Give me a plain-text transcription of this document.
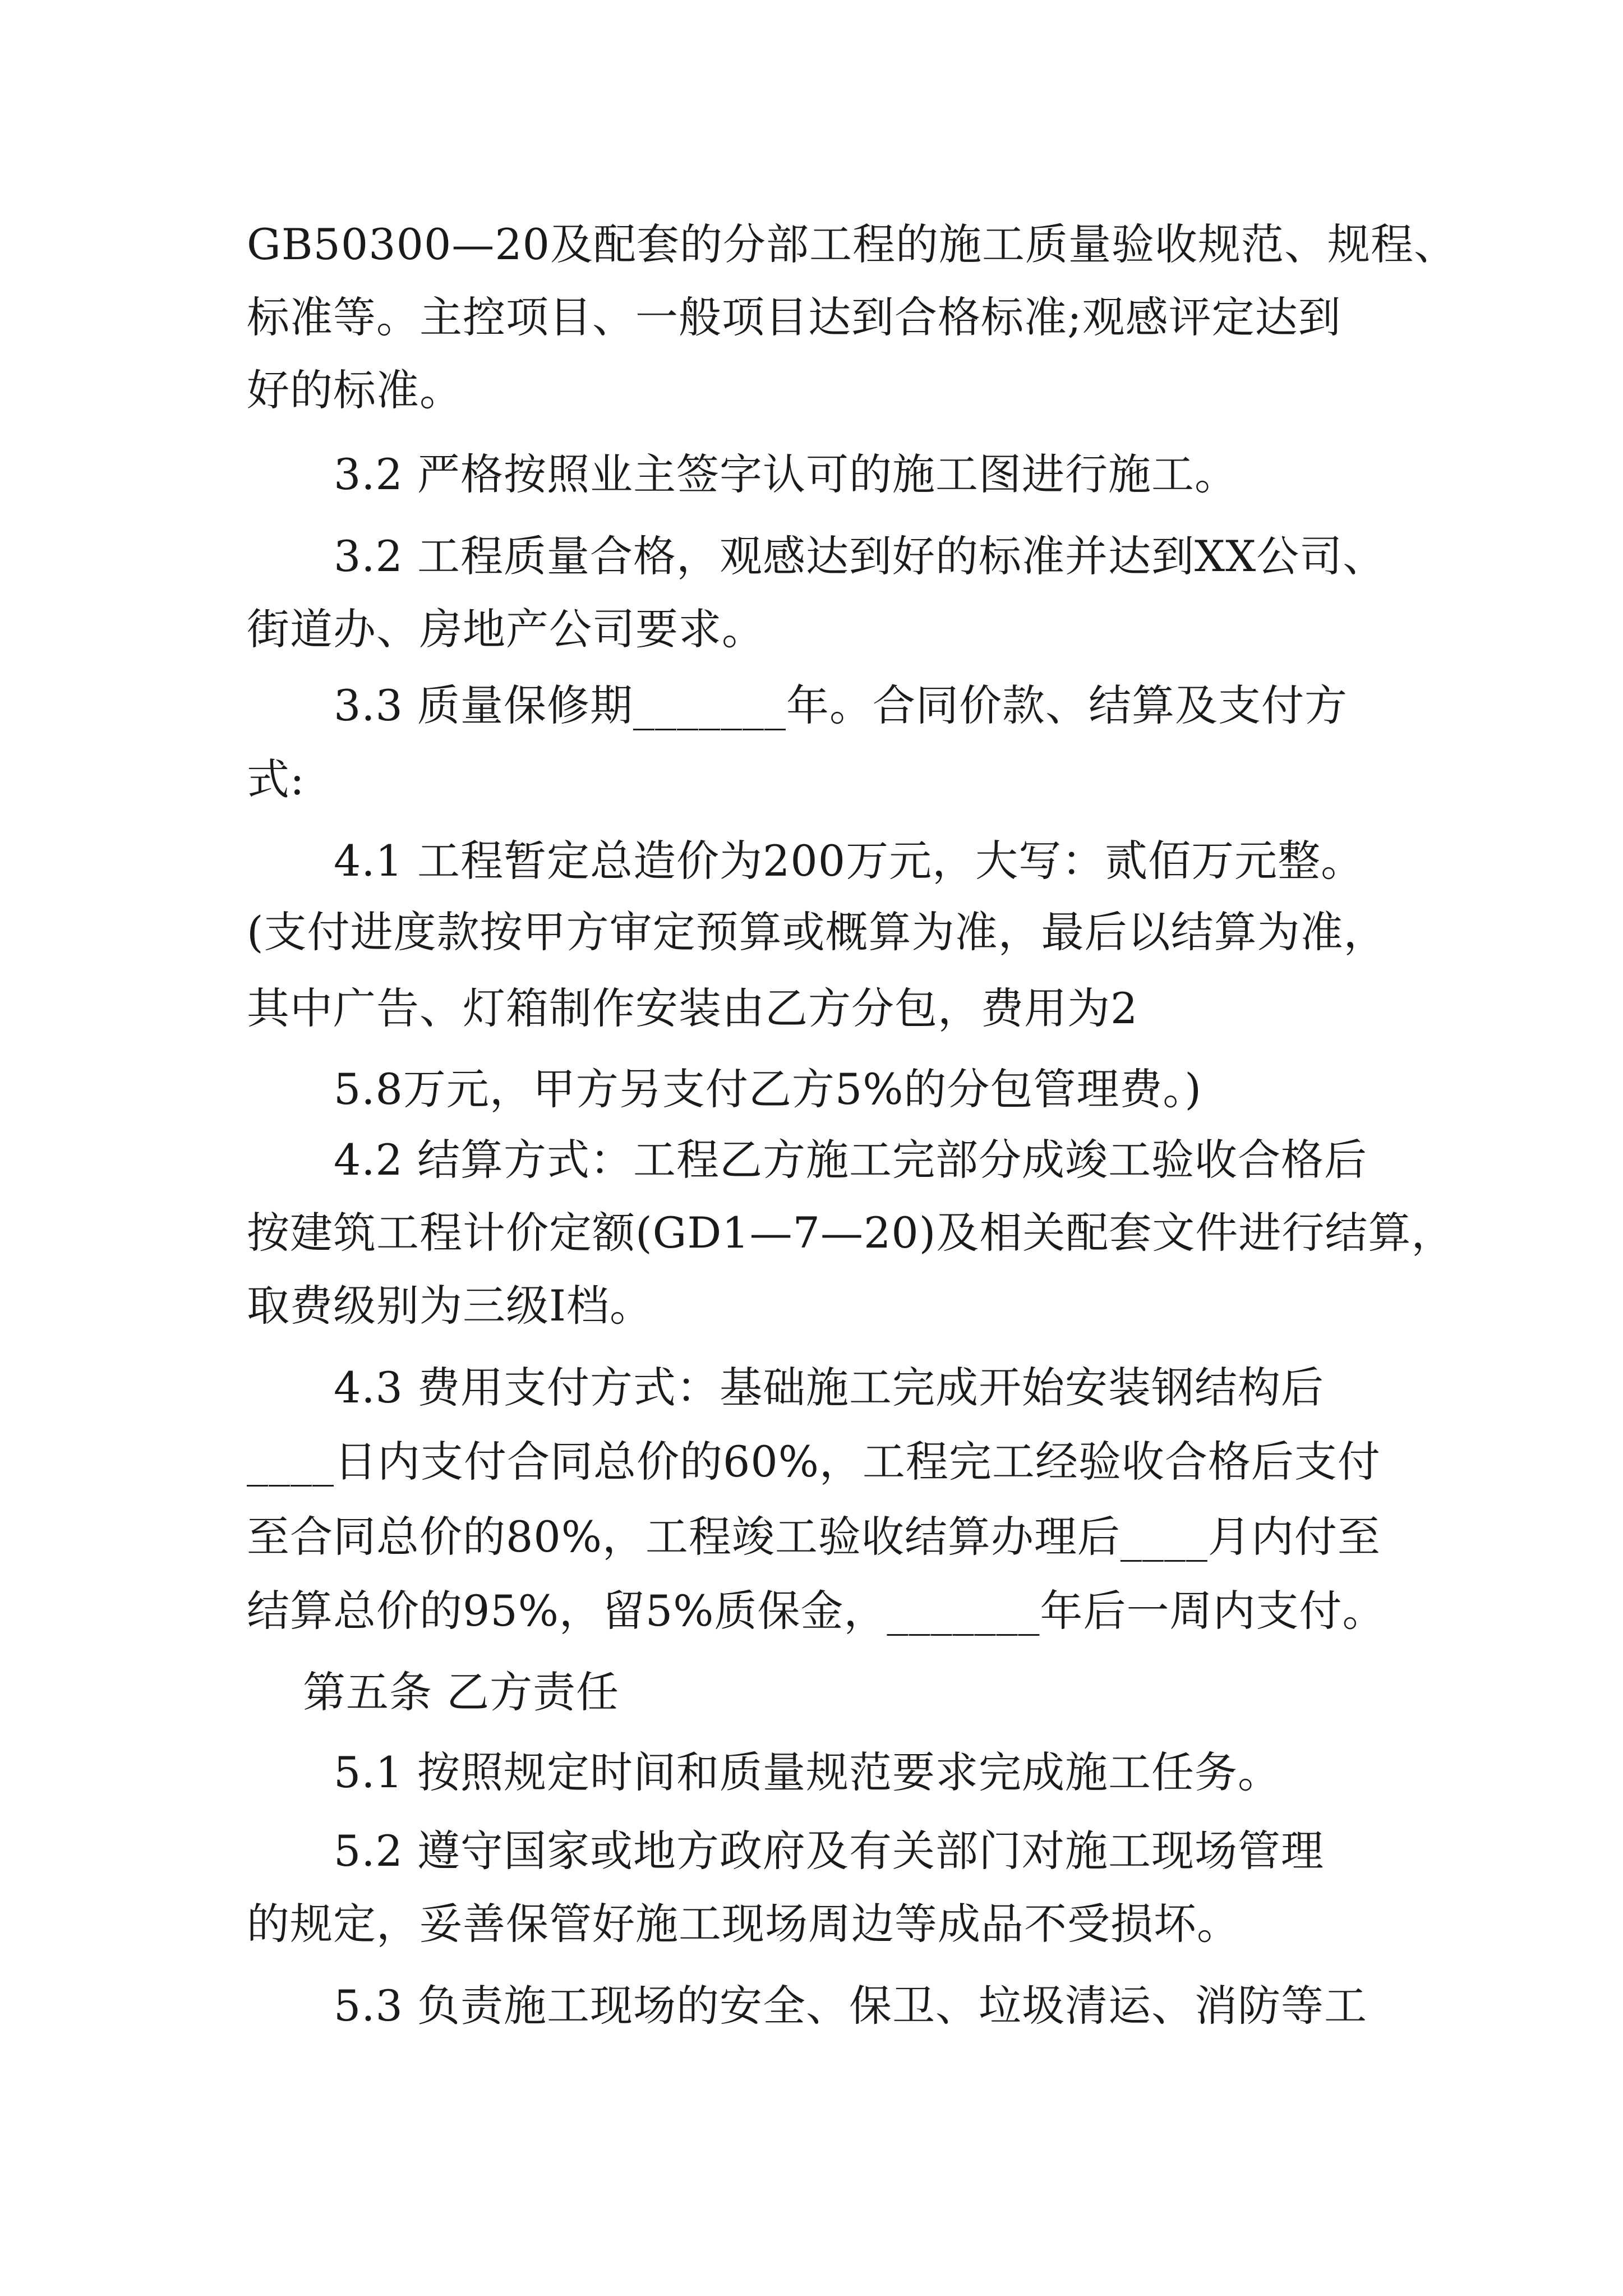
GB50300—20及配套的分部工程的施工质量验收规范、规程、
标准等。主控项目、一般项目达到合格标准;观感评定达到
好的标准。
3.2 严格按照业主签字认可的施工图进行施工。
3.2 工程质量合格，观感达到好的标准并达到XX公司、
街道办、房地产公司要求。
3.3 质量保修期_______年。合同价款、结算及支付方
式:
4.1 工程暂定总造价为200万元，大写：贰佰万元整。
(支付进度款按甲方审定预算或概算为准，最后以结算为准，
其中广告、灯箱制作安装由乙方分包，费用为2
5.8万元，甲方另支付乙方5%的分包管理费。)
4.2 结算方式：工程乙方施工完部分成竣工验收合格后
按建筑工程计价定额(GD1—7—20)及相关配套文件进行结算，
取费级别为三级Ⅰ档。
4.3 费用支付方式：基础施工完成开始安装钢结构后
____日内支付合同总价的60%，工程完工经验收合格后支付
至合同总价的80%，工程竣工验收结算办理后____月内付至
结算总价的95%，留5%质保金，_______年后一周内支付。
第五条 乙方责任
5.1 按照规定时间和质量规范要求完成施工任务。
5.2 遵守国家或地方政府及有关部门对施工现场管理
的规定，妥善保管好施工现场周边等成品不受损坏。
5.3 负责施工现场的安全、保卫、垃圾清运、消防等工
